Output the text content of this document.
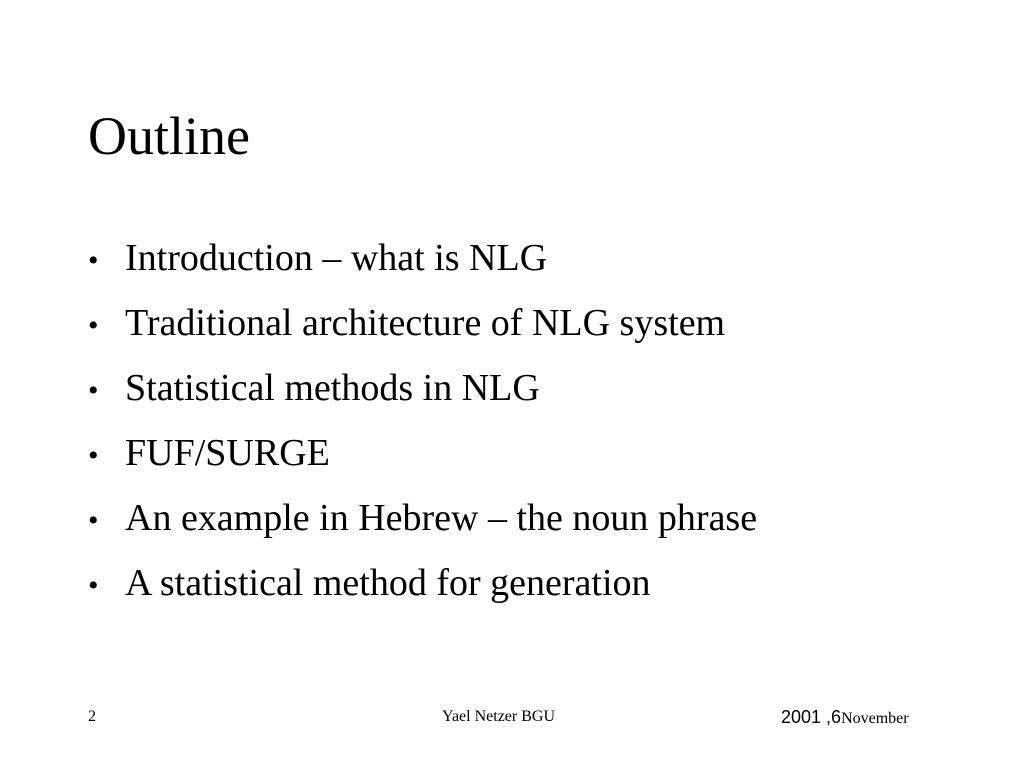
Outline
• Introduction – what is NLG
• Traditional architecture of NLG system
• Statistical methods in NLG
• FUF/SURGE
• An example in Hebrew – the noun phrase
• A statistical method for generation
2	Yael Netzer BGU	2001 ,6November
